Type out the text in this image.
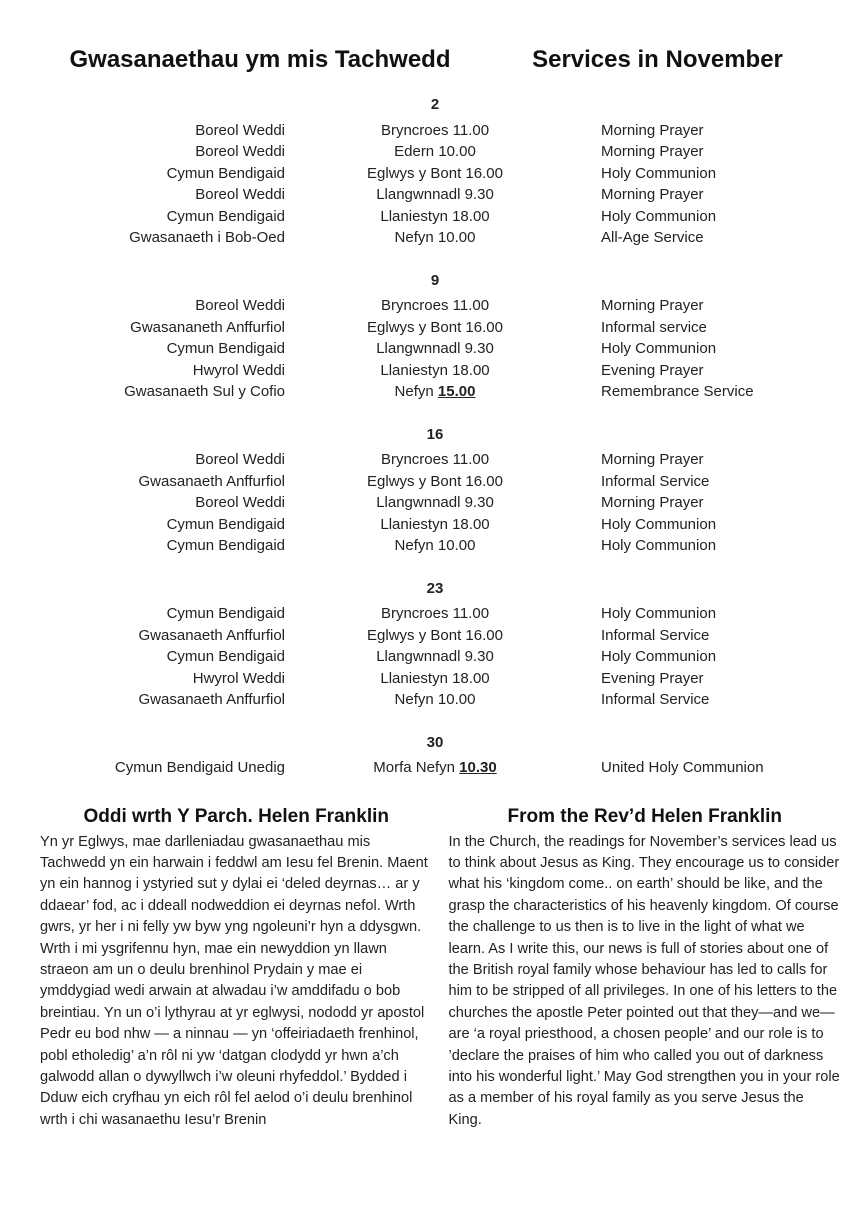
Gwasanaethau ym mis Tachwedd	Services in November
2
Boreol Weddi	Bryncroes 11.00	Morning Prayer
Boreol Weddi	Edern 10.00	Morning Prayer
Cymun Bendigaid	Eglwys y Bont 16.00	Holy Communion
Boreol Weddi	Llangwnnadl 9.30	Morning Prayer
Cymun Bendigaid	Llaniestyn 18.00	Holy Communion
Gwasanaeth i Bob-Oed	Nefyn 10.00	All-Age Service
9
Boreol Weddi	Bryncroes 11.00	Morning Prayer
Gwasananeth Anffurfiol	Eglwys y Bont 16.00	Informal service
Cymun Bendigaid	Llangwnnadl 9.30	Holy Communion
Hwyrol Weddi	Llaniestyn 18.00	Evening Prayer
Gwasanaeth Sul y Cofio	Nefyn 15.00	Remembrance Service
16
Boreol Weddi	Bryncroes 11.00	Morning Prayer
Gwasanaeth Anffurfiol	Eglwys y Bont 16.00	Informal Service
Boreol Weddi	Llangwnnadl 9.30	Morning Prayer
Cymun Bendigaid	Llaniestyn 18.00	Holy Communion
Cymun Bendigaid	Nefyn 10.00	Holy Communion
23
Cymun Bendigaid	Bryncroes 11.00	Holy Communion
Gwasanaeth Anffurfiol	Eglwys y Bont 16.00	Informal Service
Cymun Bendigaid	Llangwnnadl 9.30	Holy Communion
Hwyrol Weddi	Llaniestyn 18.00	Evening Prayer
Gwasanaeth Anffurfiol	Nefyn 10.00	Informal Service
30
Cymun Bendigaid Unedig	Morfa Nefyn 10.30	United Holy Communion
Oddi wrth Y Parch. Helen Franklin
Yn yr Eglwys, mae darlleniadau gwasanaethau mis Tachwedd yn ein harwain i feddwl am Iesu fel Brenin. Maent yn ein hannog i ystyried sut y dylai ei ‘deled deyrnas… ar y ddaear’ fod, ac i ddeall nodweddion ei deyrnas nefol. Wrth gwrs, yr her i ni felly yw byw yng ngoleuni’r hyn a ddysgwn. Wrth i mi ysgrifennu hyn, mae ein newyddion yn llawn straeon am un o deulu brenhinol Prydain y mae ei ymddygiad wedi arwain at alwadau i’w amddifadu o bob breintiau. Yn un o’i lythyrau at yr eglwysi, nododd yr apostol Pedr eu bod nhw — a ninnau — yn ‘offeiriadaeth frenhinol, pobl etholedig’ a’n rôl ni yw ‘datgan clodydd yr hwn a’ch galwodd allan o dywyllwch i’w oleuni rhyfeddol.’ Bydded i Dduw eich cryfhau yn eich rôl fel aelod o’i deulu brenhinol wrth i chi wasanaethu Iesu’r Brenin
From the Rev’d Helen Franklin
In the Church, the readings for November’s services lead us to think about Jesus as King. They encourage us to consider what his ‘kingdom come.. on earth’ should be like, and the grasp the characteristics of his heavenly kingdom. Of course the challenge to us then is to live in the light of what we learn. As I write this, our news is full of stories about one of the British royal family whose behaviour has led to calls for him to be stripped of all privileges. In one of his letters to the churches the apostle Peter pointed out that they—and we—are ‘a royal priesthood, a chosen people’ and our role is to ’declare the praises of him who called you out of darkness into his wonderful light.’ May God strengthen you in your role as a member of his royal family as you serve Jesus the King.
